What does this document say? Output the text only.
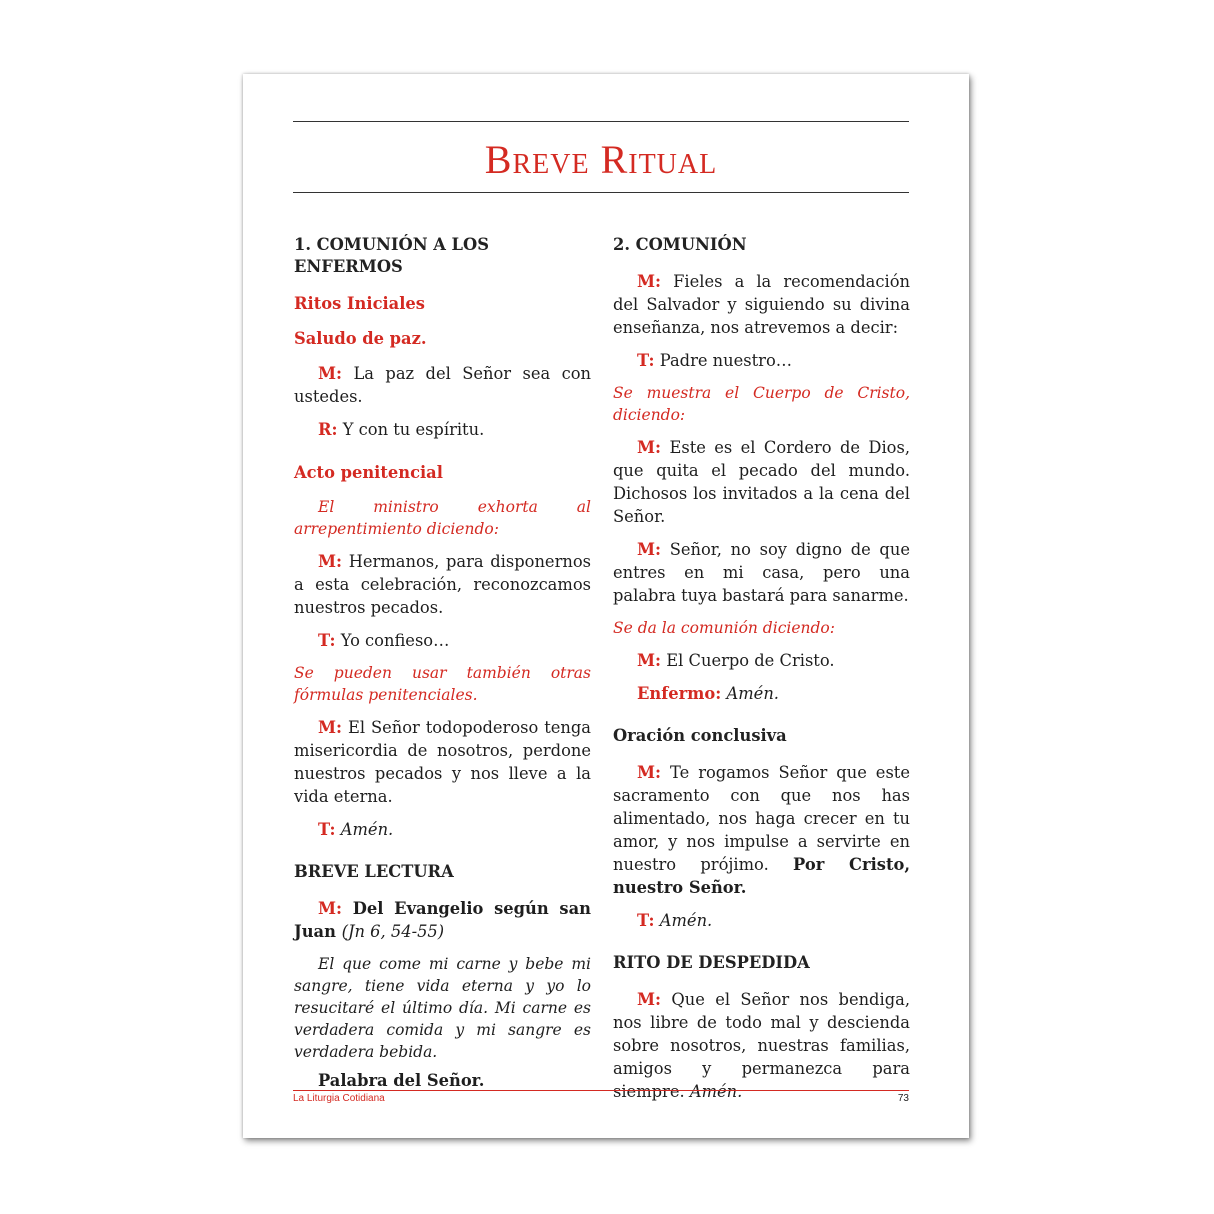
Breve Ritual
1. COMUNIÓN A LOS ENFERMOS
Ritos Iniciales
Saludo de paz.
M: La paz del Señor sea con ustedes.
R: Y con tu espíritu.
Acto penitencial
El ministro exhorta al arrepentimiento diciendo:
M: Hermanos, para disponernos a esta celebración, reconozcamos nuestros pecados.
T: Yo confieso…
Se pueden usar también otras fórmulas penitenciales.
M: El Señor todopoderoso tenga misericordia de nosotros, perdone nuestros pecados y nos lleve a la vida eterna.
T: Amén.
BREVE LECTURA
M: Del Evangelio según san Juan (Jn 6, 54-55)
El que come mi carne y bebe mi sangre, tiene vida eterna y yo lo resucitaré el último día. Mi carne es verdadera comida y mi sangre es verdadera bebida.
Palabra del Señor.
2. COMUNIÓN
M: Fieles a la recomendación del Salvador y siguiendo su divina enseñanza, nos atrevemos a decir:
T: Padre nuestro…
Se muestra el Cuerpo de Cristo, diciendo:
M: Este es el Cordero de Dios, que quita el pecado del mundo. Dichosos los invitados a la cena del Señor.
M: Señor, no soy digno de que entres en mi casa, pero una palabra tuya bastará para sanarme.
Se da la comunión diciendo:
M: El Cuerpo de Cristo.
Enfermo: Amén.
Oración conclusiva
M: Te rogamos Señor que este sacramento con que nos has alimentado, nos haga crecer en tu amor, y nos impulse a servirte en nuestro prójimo. Por Cristo, nuestro Señor.
T: Amén.
RITO DE DESPEDIDA
M: Que el Señor nos bendiga, nos libre de todo mal y descienda sobre nosotros, nuestras familias, amigos y permanezca para siempre. Amén.
La Liturgia Cotidiana	73
